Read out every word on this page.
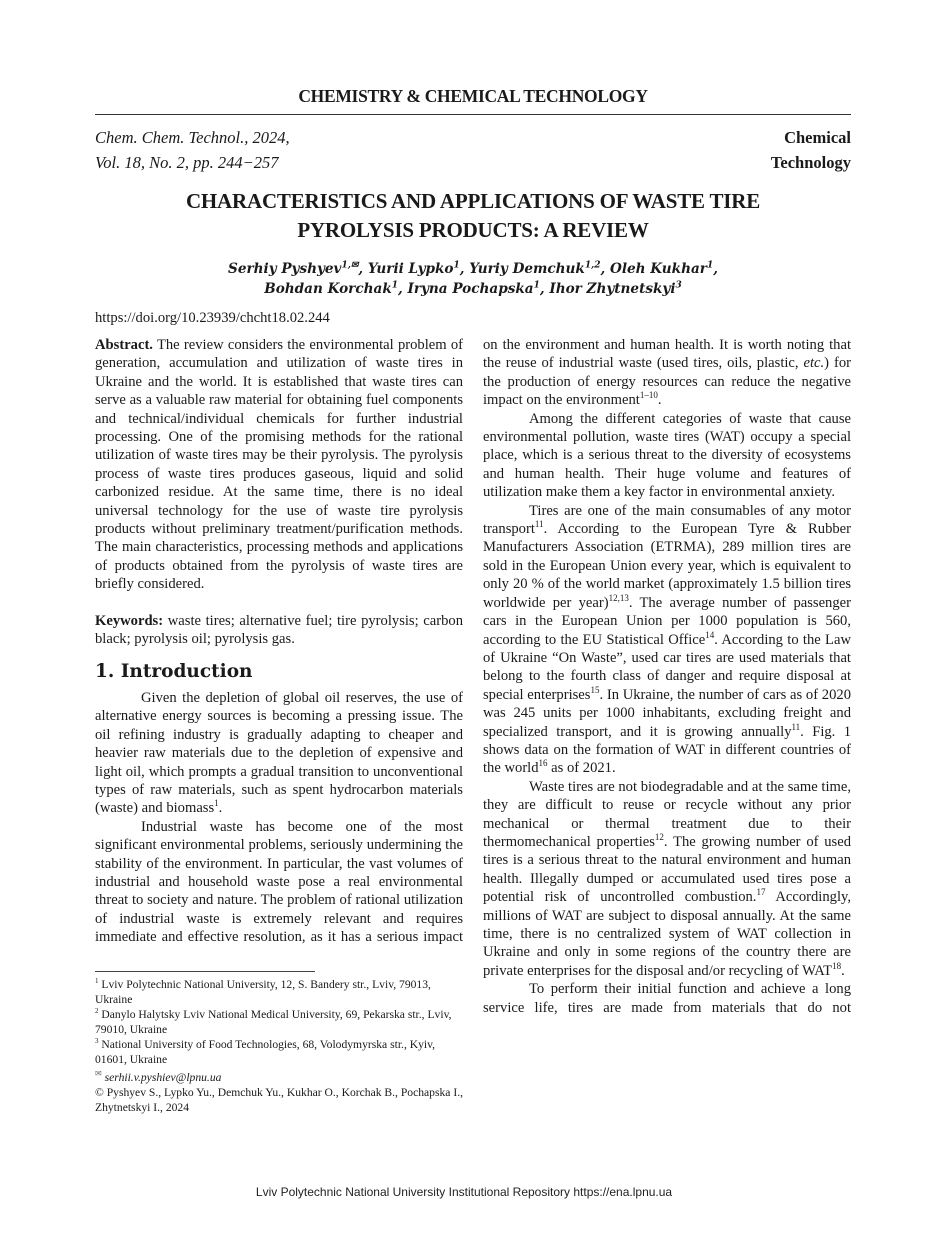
CHEMISTRY & CHEMICAL TECHNOLOGY
Chem. Chem. Technol., 2024,
Vol. 18, No. 2, pp. 244−257
Chemical
Technology
CHARACTERISTICS AND APPLICATIONS OF WASTE TIRE
PYROLYSIS PRODUCTS: A REVIEW
Serhiy Pyshyev$^{1,✉}$, Yurii Lypko$^1$, Yuriy Demchuk$^{1,2}$, Oleh Kukhar$^1$,
Bohdan Korchak$^1$, Iryna Pochapska$^1$, Ihor Zhytnetskyi$^3$
https://doi.org/10.23939/chcht18.02.244

Abstract. The review considers the environmental problem of generation, accumulation and utilization of waste tires in Ukraine and the world. It is established that waste tires can serve as a valuable raw material for obtaining fuel components and technical/individual chemicals for further industrial processing. One of the promising methods for the rational utilization of waste tires may be their pyrolysis. The pyrolysis process of waste tires produces gaseous, liquid and solid carbonized residue. At the same time, there is no ideal universal technology for the use of waste tire pyrolysis products without preliminary treatment/purification methods. The main characteristics, processing methods and applications of products obtained from the pyrolysis of waste tires are briefly considered.

Keywords: waste tires; alternative fuel; tire pyrolysis; carbon black; pyrolysis oil; pyrolysis gas.

1. Introduction

Given the depletion of global oil reserves, the use of alternative energy sources is becoming a pressing issue. The oil refining industry is gradually adapting to cheaper and heavier raw materials due to the depletion of expensive and light oil, which prompts a gradual transition to unconventional types of raw materials, such as spent hydrocarbon materials (waste) and biomass$^1$.

Industrial waste has become one of the most significant environmental problems, seriously undermining the stability of the environment. In particular, the vast volumes of industrial and household waste pose a real environmental threat to society and nature. The problem of rational utilization of industrial waste is extremely relevant and requires immediate and effective resolution, as it has a serious impact

on the environment and human health. It is worth noting that the reuse of industrial waste (used tires, oils, plastic, etc.) for the production of energy resources can reduce the negative impact on the environment$^{1-10}$.

Among the different categories of waste that cause environmental pollution, waste tires (WAT) occupy a special place, which is a serious threat to the diversity of ecosystems and human health. Their huge volume and features of utilization make them a key factor in environmental anxiety.

Tires are one of the main consumables of any motor transport$^{11}$. According to the European Tyre & Rubber Manufacturers Association (ETRMA), 289 million tires are sold in the European Union every year, which is equivalent to only 20 % of the world market (approximately 1.5 billion tires worldwide per year)$^{12,13}$. The average number of passenger cars in the European Union per 1000 population is 560, according to the EU Statistical Office$^{14}$. According to the Law of Ukraine “On Waste”, used car tires are used materials that belong to the fourth class of danger and require disposal at special enterprises$^{15}$. In Ukraine, the number of cars as of 2020 was 245 units per 1000 inhabitants, excluding freight and specialized transport, and it is growing annually$^{11}$. Fig. 1 shows data on the formation of WAT in different countries of the world$^{16}$ as of 2021.

Waste tires are not biodegradable and at the same time, they are difficult to reuse or recycle without any prior mechanical or thermal treatment due to their thermomechanical properties$^{12}$. The growing number of used tires is a serious threat to the natural environment and human health. Illegally dumped or accumulated used tires pose a potential risk of uncontrolled combustion.$^{17}$ Accordingly, millions of WAT are subject to disposal annually. At the same time, there is no centralized system of WAT collection in Ukraine and only in some regions of the country there are private enterprises for the disposal and/or recycling of WAT$^{18}$.

To perform their initial function and achieve a long service life, tires are made from materials that do not

$^1$ Lviv Polytechnic National University, 12, S. Bandery str., Lviv, 79013, Ukraine
$^2$ Danylo Halytsky Lviv National Medical University, 69, Pekarska str., Lviv, 79010, Ukraine
$^3$ National University of Food Technologies, 68, Volodymyrska str., Kyiv, 01601, Ukraine
✉ serhii.v.pyshiev@lpnu.ua
© Pyshyev S., Lypko Yu., Demchuk Yu., Kukhar O., Korchak B., Pochapska I., Zhytnetskyi I., 2024
Lviv Polytechnic National University Institutional Repository https://ena.lpnu.ua
